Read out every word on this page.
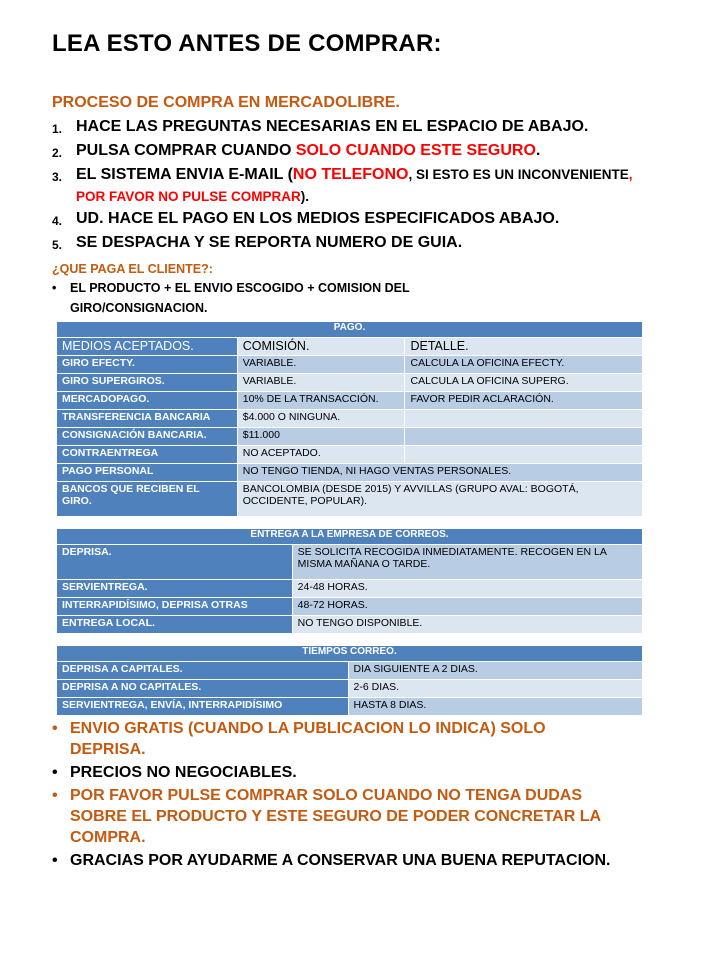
LEA ESTO ANTES DE COMPRAR:

PROCESO DE COMPRA EN MERCADOLIBRE.

1. HACE LAS PREGUNTAS NECESARIAS EN EL ESPACIO DE ABAJO.
2. PULSA COMPRAR CUANDO SOLO CUANDO ESTE SEGURO.
3. EL SISTEMA ENVIA E-MAIL (NO TELEFONO, SI ESTO ES UN INCONVENIENTE, POR FAVOR NO PULSE COMPRAR).
4. UD. HACE EL PAGO EN LOS MEDIOS ESPECIFICADOS ABAJO.
5. SE DESPACHA Y SE REPORTA NUMERO DE GUIA.

¿QUE PAGA EL CLIENTE?:

•	EL PRODUCTO + EL ENVIO ESCOGIDO + COMISION DEL GIRO/CONSIGNACION.
PAGO.		
MEDIOS ACEPTADOS.	COMISIÓN.	DETALLE.
GIRO EFECTY.	VARIABLE.	CALCULA LA OFICINA EFECTY.
GIRO SUPERGIROS.	VARIABLE.	CALCULA LA OFICINA SUPERG.
MERCADOPAGO.	10% DE LA TRANSACCIÓN.	FAVOR PEDIR ACLARACIÓN.
TRANSFERENCIA BANCARIA	$4.000 O NINGUNA.	
CONSIGNACIÓN BANCARIA.	$11.000	
CONTRAENTREGA	NO ACEPTADO.	
PAGO PERSONAL	NO TENGO TIENDA, NI HAGO VENTAS PERSONALES.	
BANCOS QUE RECIBEN EL GIRO.	BANCOLOMBIA (DESDE 2015) Y AVVILLAS (GRUPO AVAL: BOGOTÁ, OCCIDENTE, POPULAR).	
ENTREGA A LA EMPRESA DE CORREOS.	
DEPRISA.	SE SOLICITA RECOGIDA INMEDIATAMENTE. RECOGEN EN LA MISMA MAÑANA O TARDE.
SERVIENTREGA.	24-48 HORAS.
INTERRAPIDÍSIMO, DEPRISA OTRAS	48-72 HORAS.
ENTREGA LOCAL.	NO TENGO DISPONIBLE.
TIEMPOS CORREO.	
DEPRISA A CAPITALES.	DIA SIGUIENTE A 2 DIAS.
DEPRISA A NO CAPITALES.	2-6 DIAS.
SERVIENTREGA, ENVÍA, INTERRAPIDÍSIMO	HASTA 8 DIAS.
• ENVIO GRATIS (CUANDO LA PUBLICACION LO INDICA) SOLO DEPRISA.
• PRECIOS NO NEGOCIABLES.
• POR FAVOR PULSE COMPRAR SOLO CUANDO NO TENGA DUDAS SOBRE EL PRODUCTO Y ESTE SEGURO DE PODER CONCRETAR LA COMPRA.
• GRACIAS POR AYUDARME A CONSERVAR UNA BUENA REPUTACION.
